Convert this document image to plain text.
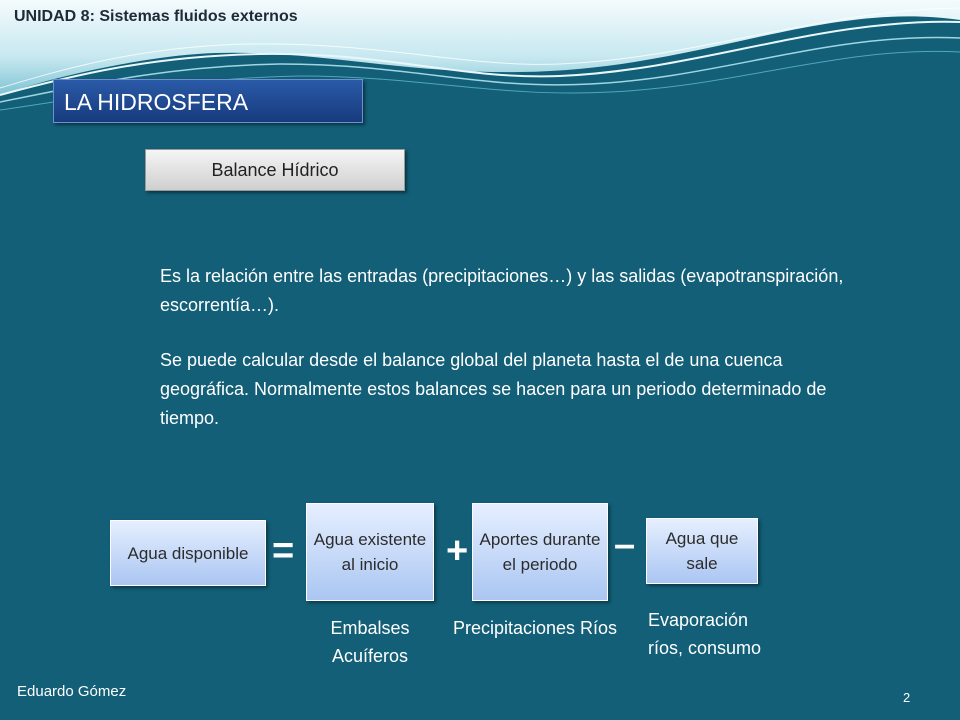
UNIDAD 8: Sistemas fluidos externos
LA HIDROSFERA
Balance Hídrico
Es la relación entre las entradas (precipitaciones…) y las salidas (evapotranspiración, escorrentía…).
Se puede calcular desde el balance global del planeta hasta el de una cuenca geográfica. Normalmente estos balances se hacen para un periodo determinado de tiempo.
Agua disponible = Agua existente al inicio	+ Aportes durante el periodo –	Agua que sale
Embalses Acuíferos
Precipitaciones Ríos Evaporación ríos, consumo
Eduardo Gómez	2
